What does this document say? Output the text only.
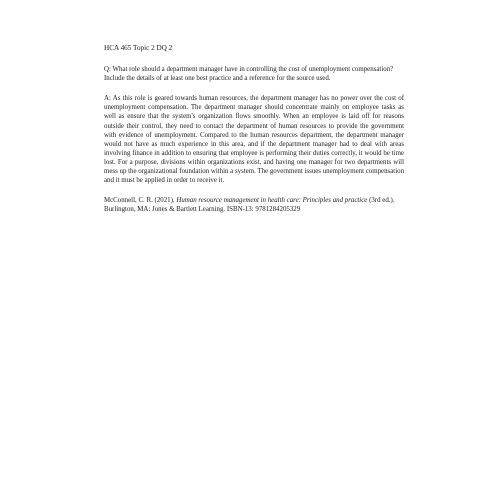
HCA 465 Topic 2 DQ 2

Q: What role should a department manager have in controlling the cost of unemployment compensation? Include the details of at least one best practice and a reference for the source used.

A: As this role is geared towards human resources, the department manager has no power over the cost of unemployment compensation. The department manager should concentrate mainly on employee tasks as well as ensure that the system's organization flows smoothly. When an employee is laid off for reasons outside their control, they need to contact the department of human resources to provide the government with evidence of unemployment. Compared to the human resources department, the department manager would not have as much experience in this area, and if the department manager had to deal with areas involving finance in addition to ensuring that employee is performing their duties correctly, it would be time lost. For a purpose, divisions within organizations exist, and having one manager for two departments will mess up the organizational foundation within a system. The government issues unemployment compensation and it must be applied in order to receive it.

McConnell, C. R. (2021). Human resource management in health care: Principles and practice (3rd ed.). Burlington, MA: Jones & Bartlett Learning. ISBN-13: 9781284205329
